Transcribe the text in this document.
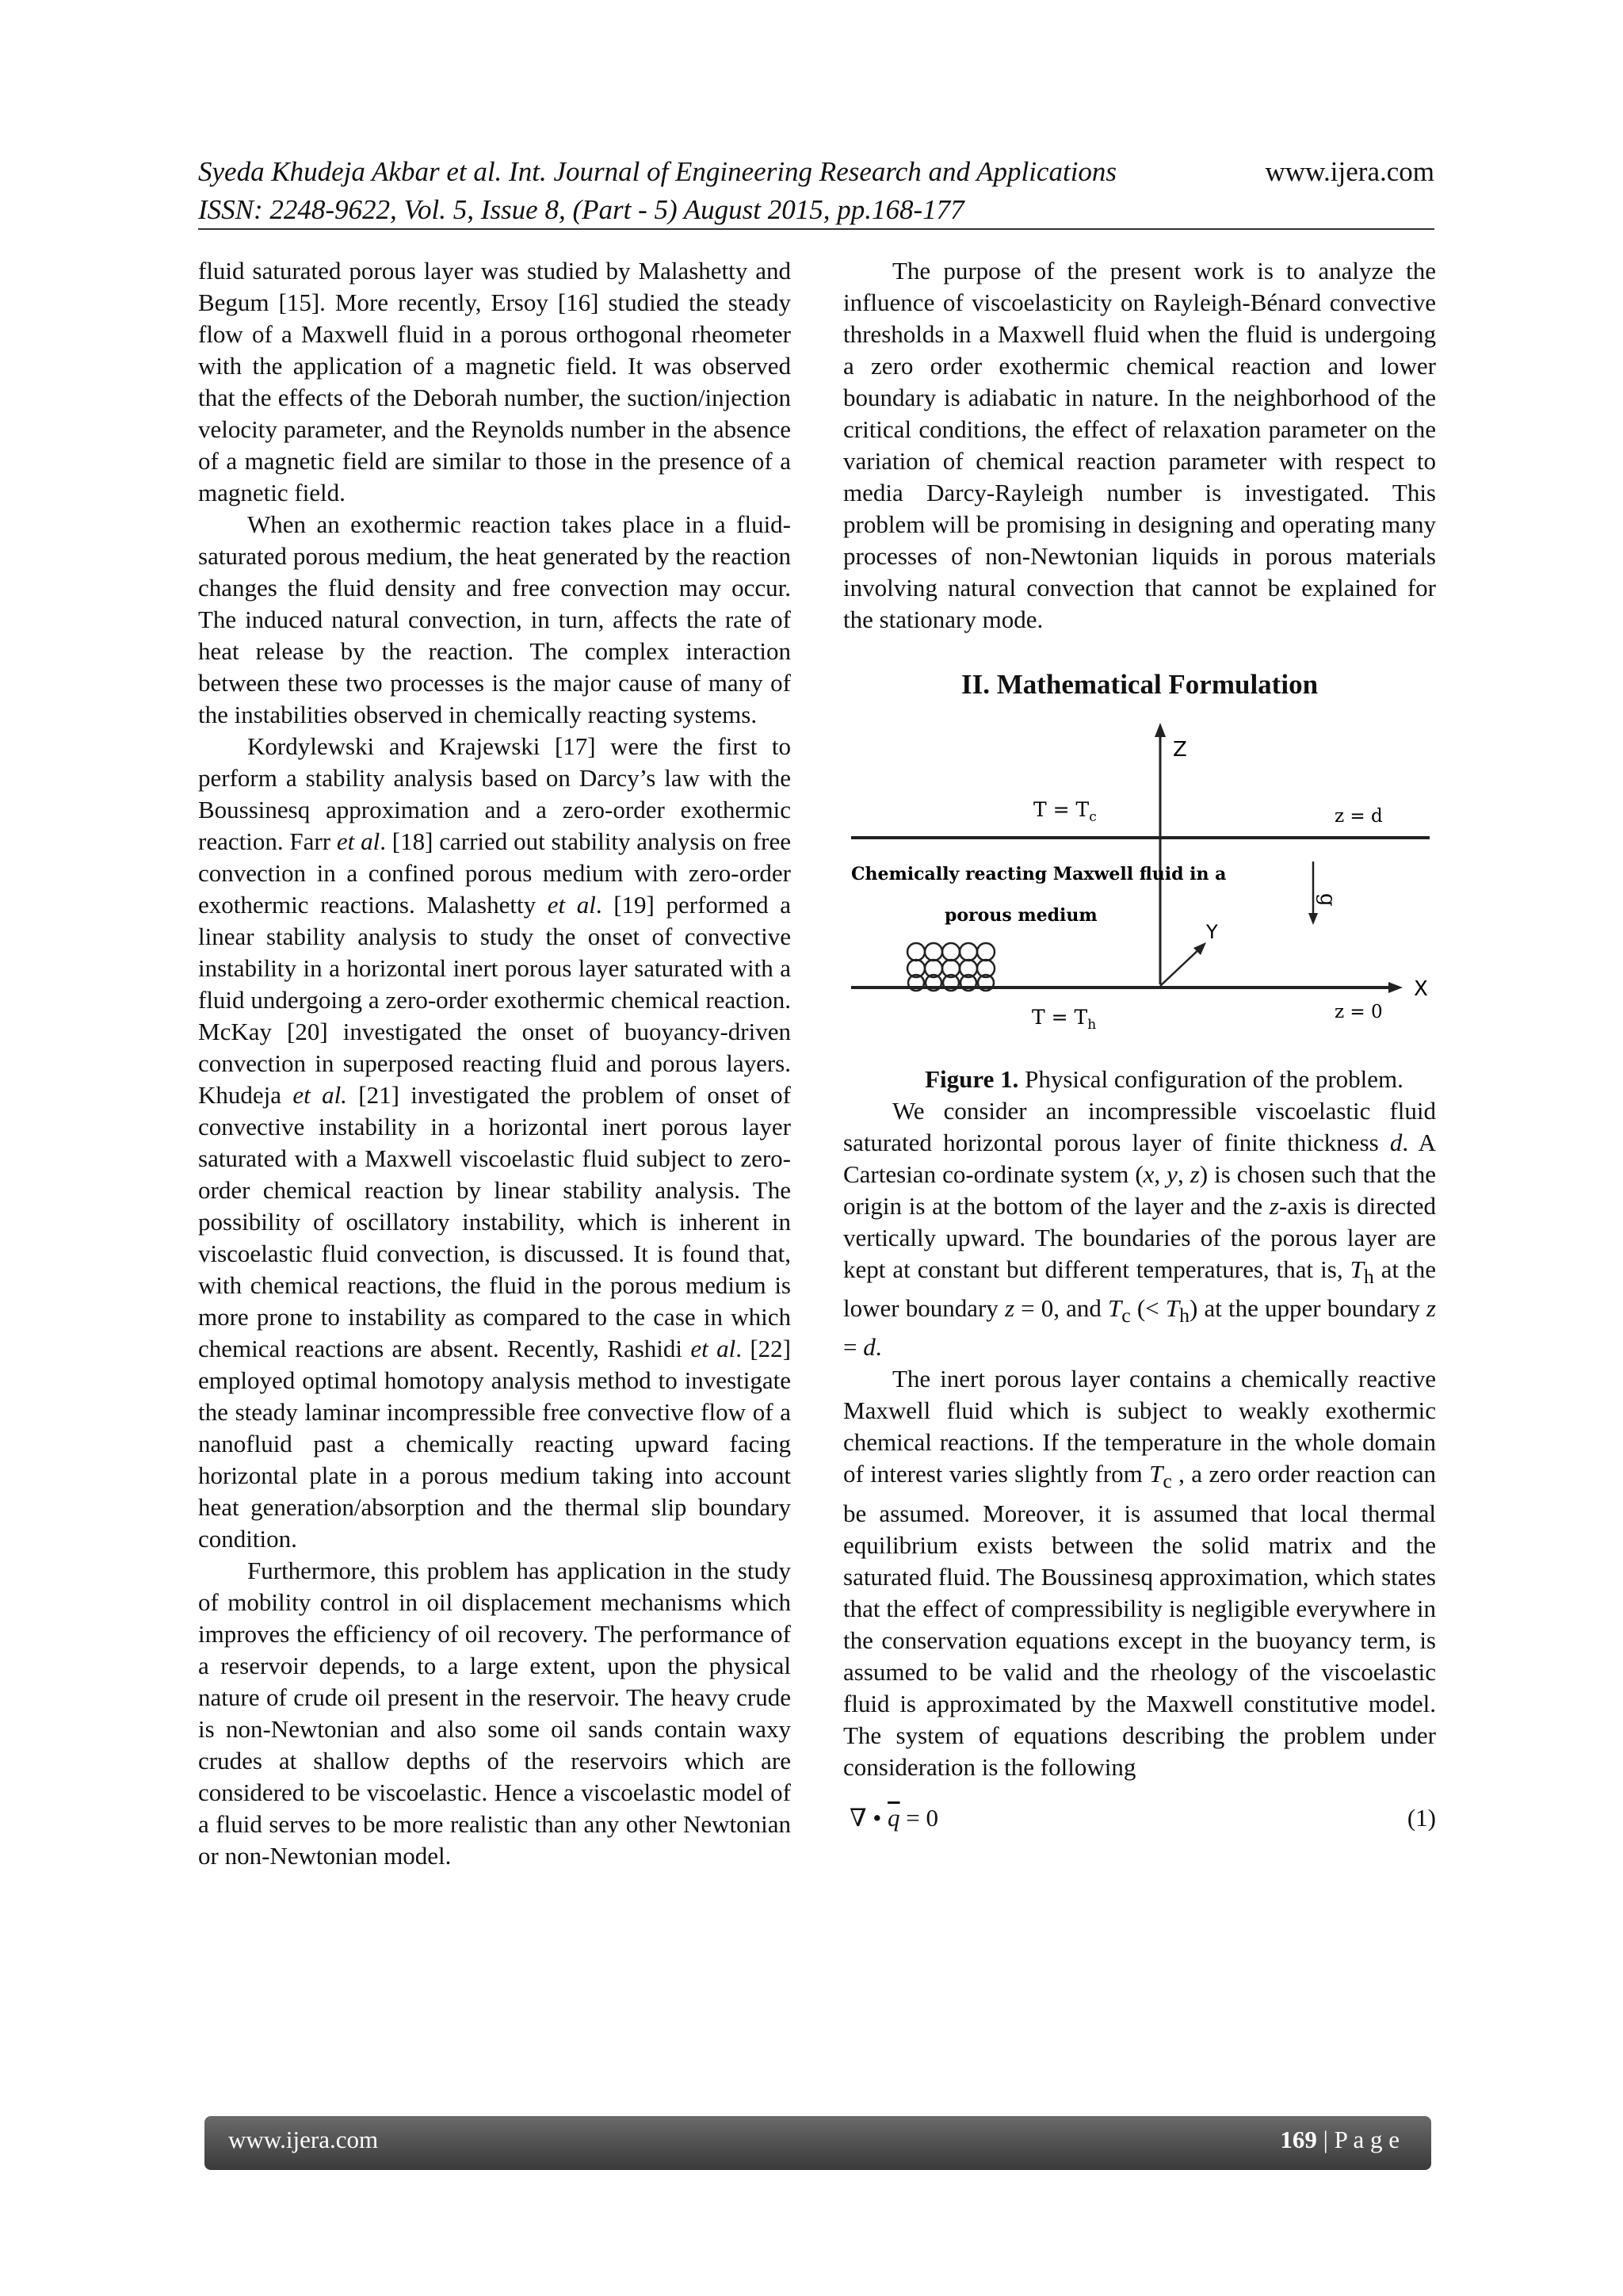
Syeda Khudeja Akbar et al. Int. Journal of Engineering Research and Applications	www.ijera.com
ISSN: 2248-9622, Vol. 5, Issue 8, (Part - 5) August 2015, pp.168-177

fluid saturated porous layer was studied by Malashetty and Begum [15]. More recently, Ersoy [16] studied the steady flow of a Maxwell fluid in a porous orthogonal rheometer with the application of a magnetic field. It was observed that the effects of the Deborah number, the suction/injection velocity parameter, and the Reynolds number in the absence of a magnetic field are similar to those in the presence of a magnetic field.

When an exothermic reaction takes place in a fluid-saturated porous medium, the heat generated by the reaction changes the fluid density and free convection may occur. The induced natural convection, in turn, affects the rate of heat release by the reaction. The complex interaction between these two processes is the major cause of many of the instabilities observed in chemically reacting systems.

Kordylewski and Krajewski [17] were the first to perform a stability analysis based on Darcy’s law with the Boussinesq approximation and a zero-order exothermic reaction. Farr et al. [18] carried out stability analysis on free convection in a confined porous medium with zero-order exothermic reactions. Malashetty et al. [19] performed a linear stability analysis to study the onset of convective instability in a horizontal inert porous layer saturated with a fluid undergoing a zero-order exothermic chemical reaction. McKay [20] investigated the onset of buoyancy-driven convection in superposed reacting fluid and porous layers. Khudeja et al. [21] investigated the problem of onset of convective instability in a horizontal inert porous layer saturated with a Maxwell viscoelastic fluid subject to zero-order chemical reaction by linear stability analysis. The possibility of oscillatory instability, which is inherent in viscoelastic fluid convection, is discussed. It is found that, with chemical reactions, the fluid in the porous medium is more prone to instability as compared to the case in which chemical reactions are absent. Recently, Rashidi et al. [22] employed optimal homotopy analysis method to investigate the steady laminar incompressible free convective flow of a nanofluid past a chemically reacting upward facing horizontal plate in a porous medium taking into account heat generation/absorption and the thermal slip boundary condition.

Furthermore, this problem has application in the study of mobility control in oil displacement mechanisms which improves the efficiency of oil recovery. The performance of a reservoir depends, to a large extent, upon the physical nature of crude oil present in the reservoir. The heavy crude is non-Newtonian and also some oil sands contain waxy crudes at shallow depths of the reservoirs which are considered to be viscoelastic. Hence a viscoelastic model of a fluid serves to be more realistic than any other Newtonian or non-Newtonian model.

The purpose of the present work is to analyze the influence of viscoelasticity on Rayleigh-Bénard convective thresholds in a Maxwell fluid when the fluid is undergoing a zero order exothermic chemical reaction and lower boundary is adiabatic in nature. In the neighborhood of the critical conditions, the effect of relaxation parameter on the variation of chemical reaction parameter with respect to media Darcy-Rayleigh number is investigated. This problem will be promising in designing and operating many processes of non-Newtonian liquids in porous materials involving natural convection that cannot be explained for the stationary mode.

II. Mathematical Formulation
Z
$T = T_c$	z = d
Chemically reacting Maxwell fluid in a
porous medium
g
Y
X
$T = T_h$
z = 0

Figure 1. Physical configuration of the problem.

We consider an incompressible viscoelastic fluid saturated horizontal porous layer of finite thickness d. A Cartesian co-ordinate system (x, y, z) is chosen such that the origin is at the bottom of the layer and the z-axis is directed vertically upward. The boundaries of the porous layer are kept at constant but different temperatures, that is, $T_h$ at the lower boundary z = 0, and $T_c$ (< $T_h$) at the upper boundary z = d.

The inert porous layer contains a chemically reactive Maxwell fluid which is subject to weakly exothermic chemical reactions. If the temperature in the whole domain of interest varies slightly from $T_c$ , a zero order reaction can be assumed. Moreover, it is assumed that local thermal equilibrium exists between the solid matrix and the saturated fluid. The Boussinesq approximation, which states that the effect of compressibility is negligible everywhere in the conservation equations except in the buoyancy term, is assumed to be valid and the rheology of the viscoelastic fluid is approximated by the Maxwell constitutive model. The system of equations describing the problem under consideration is the following

∇ • $\overline{q} = 0$	(1)
www.ijera.com	169 | P a g e
